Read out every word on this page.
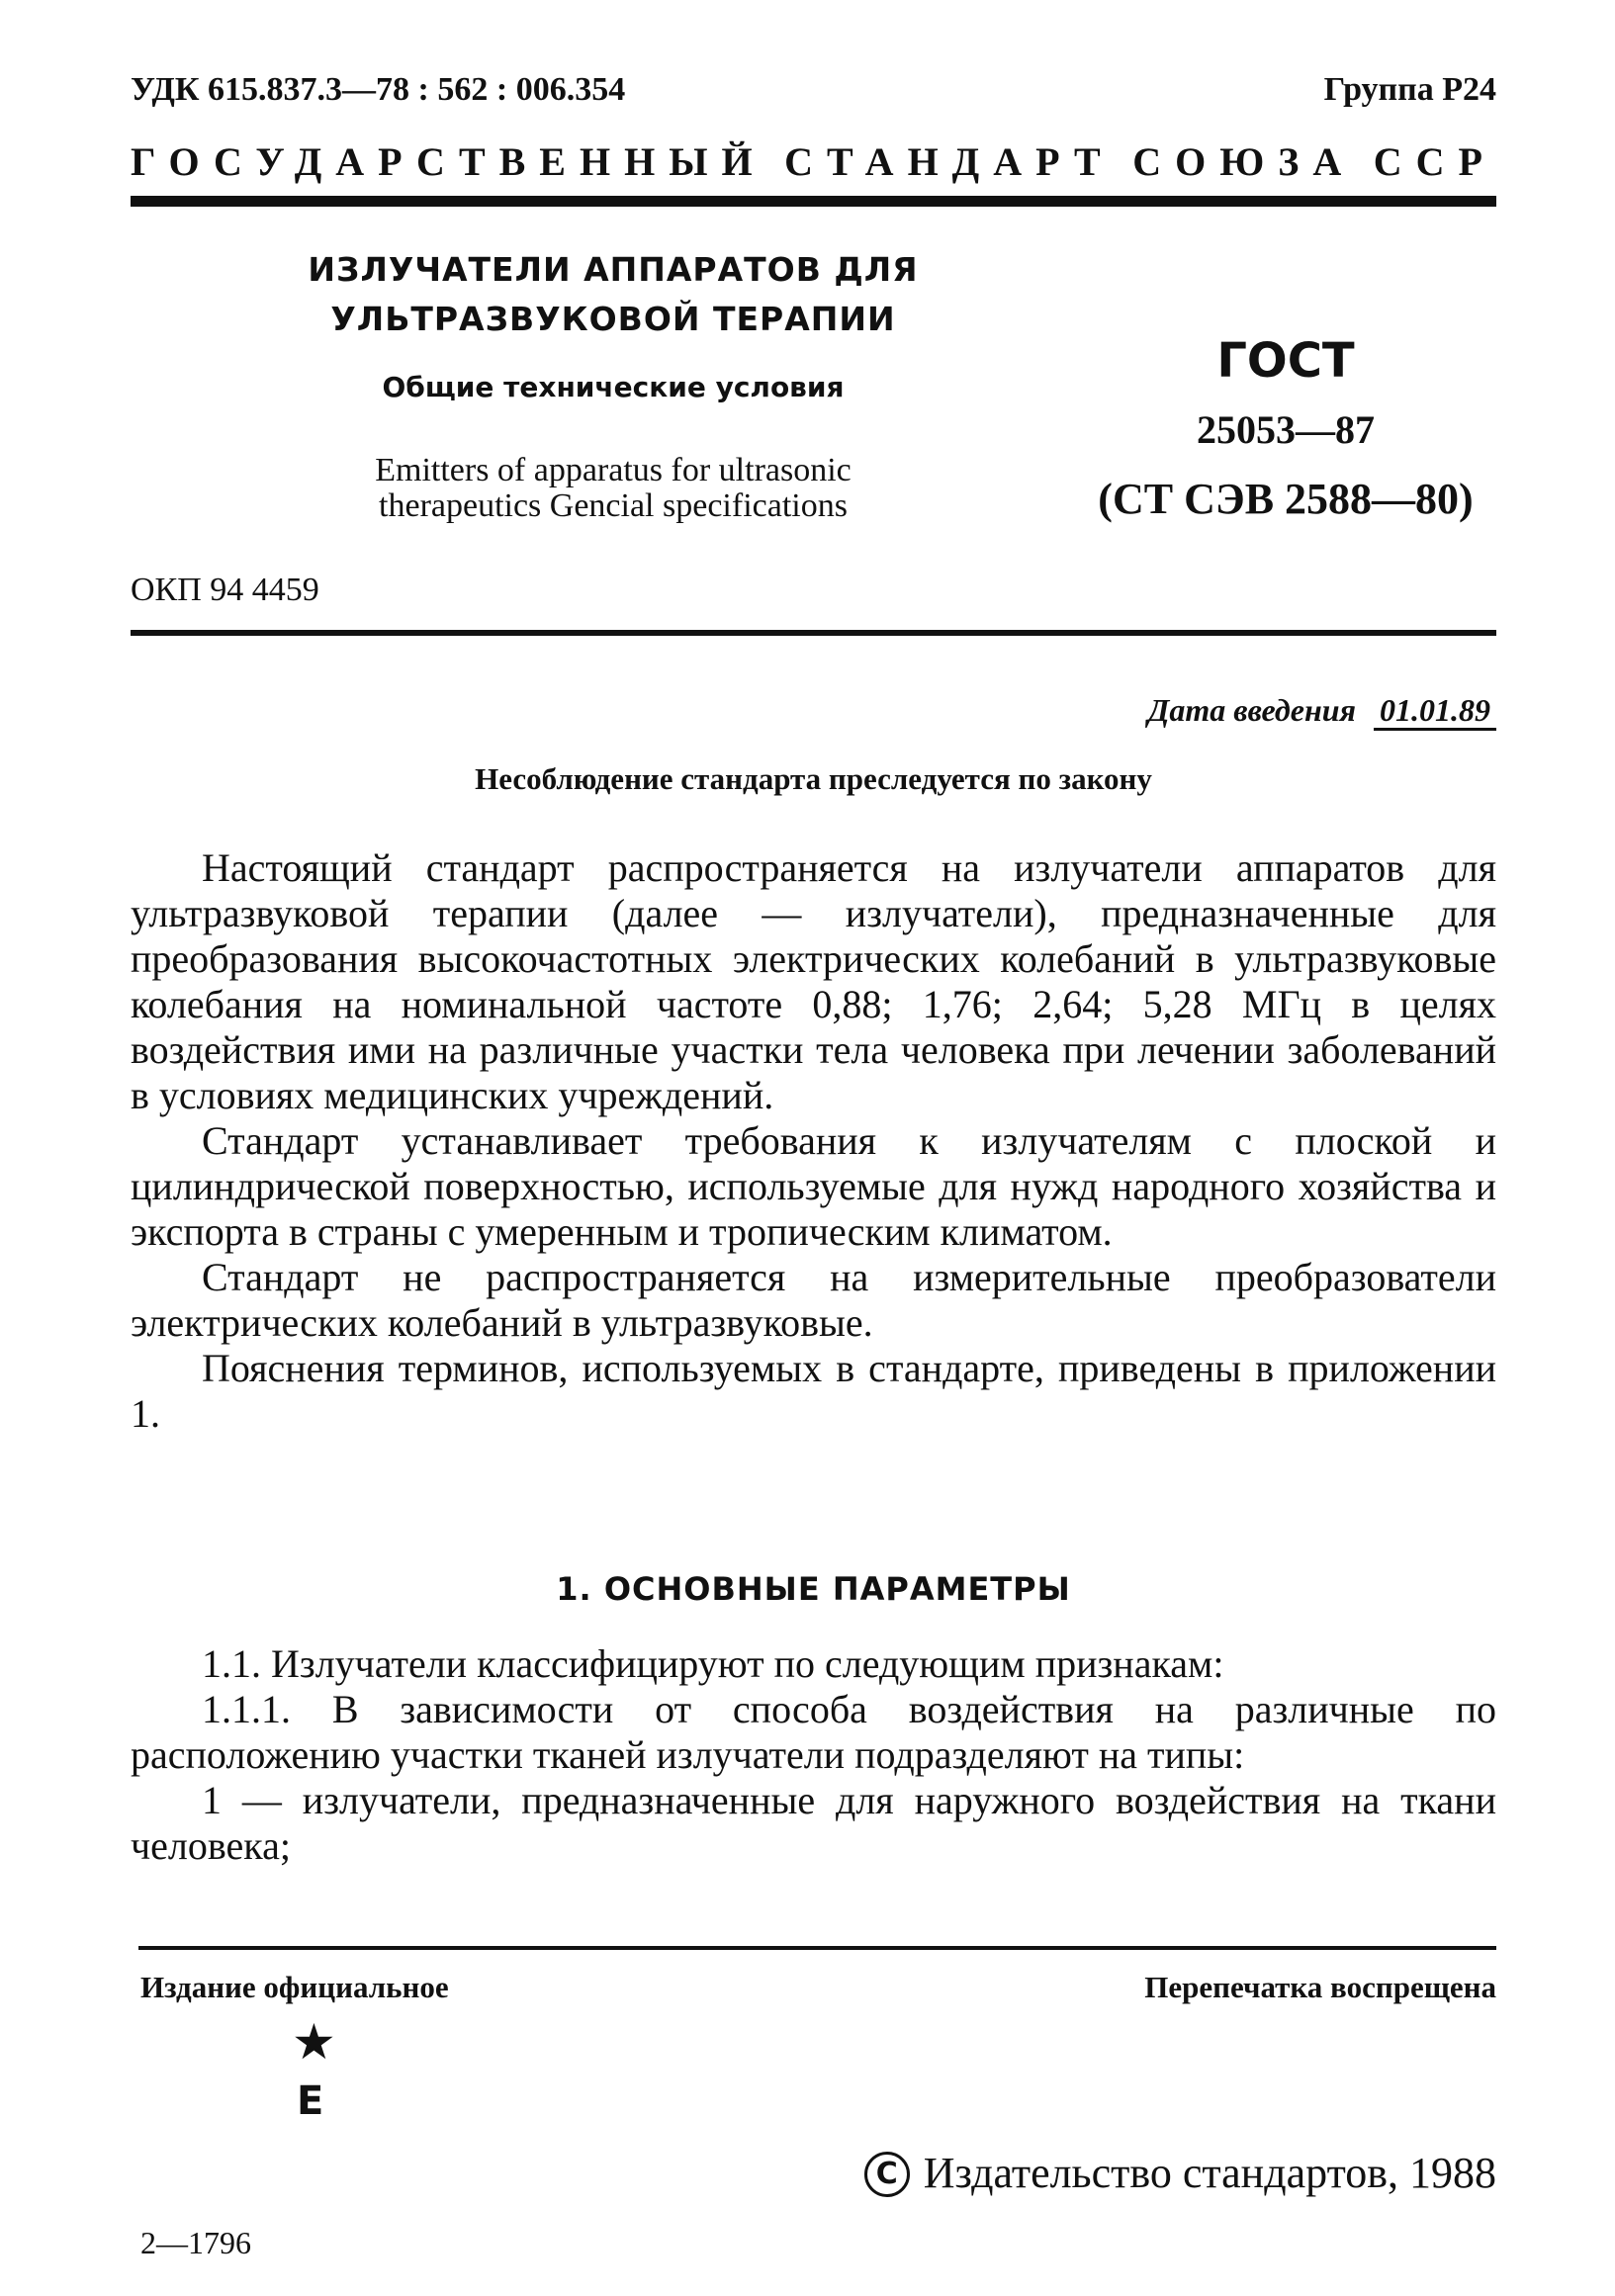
УДК 615.837.3—78 : 562 : 006.354	Группа Р24
ГОСУДАРСТВЕННЫЙ СТАНДАРТ СОЮЗА ССР
ИЗЛУЧАТЕЛИ АППАРАТОВ ДЛЯ
УЛЬТРАЗВУКОВОЙ ТЕРАПИИ
Общие технические условия
Emitters of apparatus for ultrasonic
therapeutics Gencial specifications
ГОСТ
25053—87
(СТ СЭВ 2588—80)
ОКП 94 4459
Дата введения 01.01.89
Несоблюдение стандарта преследуется по закону

Настоящий стандарт распространяется на излучатели аппаратов для ультразвуковой терапии (далее — излучатели), предназначенные для преобразования высокочастотных электрических колебаний в ультразвуковые колебания на номинальной частоте 0,88; 1,76; 2,64; 5,28 МГц в целях воздействия ими на различные участки тела человека при лечении заболеваний в условиях медицинских учреждений.

Стандарт устанавливает требования к излучателям с плоской и цилиндрической поверхностью, используемые для нужд народного хозяйства и экспорта в страны с умеренным и тропическим климатом.

Стандарт не распространяется на измерительные преобразователи электрических колебаний в ультразвуковые.

Пояснения терминов, используемых в стандарте, приведены в приложении 1.

1. ОСНОВНЫЕ ПАРАМЕТРЫ

1.1. Излучатели классифицируют по следующим признакам:

1.1.1. В зависимости от способа воздействия на различные по расположению участки тканей излучатели подразделяют на типы:

1 — излучатели, предназначенные для наружного воздействия на ткани человека;

Издание официальное	Перепечатка воспрещена
★
Е
С Издательство стандартов, 1988
2—1796
